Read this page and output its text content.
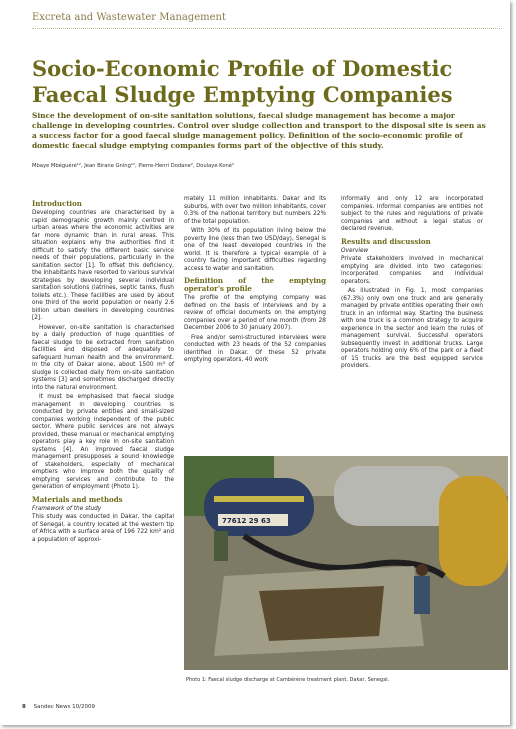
Excreta and Wastewater Management
Socio-Economic Profile of Domestic Faecal Sludge Emptying Companies

Since the development of on-site sanitation solutions, faecal sludge management has become a major challenge in developing countries. Control over sludge collection and transport to the disposal site is seen as a success factor for a good faecal sludge management policy. Definition of the socio-economic profile of domestic faecal sludge emptying companies forms part of the objective of this study.

Mbaye Mbéguéré¹², Jean Birane Gning¹², Pierre-Henri Dodane², Doulaye Koné²
Introduction

Developing countries are characterised by a rapid demographic growth mainly centred in urban areas where the economic activities are far more dynamic than in rural areas. This situation explains why the authorities find it difficult to satisfy the different basic service needs of their populations, particularly in the sanitation sector [1]. To offset this deficiency, the inhabitants have resorted to various survival strategies by developing several individual sanitation solutions (latrines, septic tanks, flush toilets etc.). These facilities are used by about one third of the world population or nearly 2.6 billion urban dwellers in developing countries [2].

However, on-site sanitation is characterised by a daily production of huge quantities of faecal sludge to be extracted from sanitation facilities and disposed of adequately to safeguard human health and the environment. In the city of Dakar alone, about 1500 m³ of sludge is collected daily from on-site sanitation systems [3] and sometimes discharged directly into the natural environment.

It must be emphasised that faecal sludge management in developing countries is conducted by private entities and small-sized companies working independent of the public sector. Where public services are not always provided, these manual or mechanical emptying operators play a key role in on-site sanitation systems [4]. An improved faecal sludge management presupposes a sound knowledge of stakeholders, especially of mechanical emptiers who improve both the quality of emptying services and contribute to the generation of employment (Photo 1).

Materials and methods

Framework of the study

This study was conducted in Dakar, the capital of Senegal, a country located at the western tip of Africa with a surface area of 196 722 km² and a population of approxi-

mately 11 million inhabitants. Dakar and its suburbs, with over two million inhabitants, cover 0.3% of the national territory but numbers 22% of the total population.

With 30% of its population living below the poverty line (less than two USD/day), Senegal is one of the least developed countries in the world. It is therefore a typical example of a country facing important difficulties regarding access to water and sanitation.

Definition of the emptying operator's profile

The profile of the emptying company was defined on the basis of interviews and by a review of official documents on the emptying companies over a period of one month (from 28 December 2006 to 30 January 2007).

Free and/or semi-structured interviews were conducted with 23 heads of the 52 companies identified in Dakar. Of these 52 private emptying operators, 40 work

informally and only 12 are incorporated companies. Informal companies are entities not subject to the rules and regulations of private companies and without a legal status or declared revenue.

Results and discussion

Overview

Private stakeholders involved in mechanical emptying are divided into two categories: incorporated companies and individual operators.

As illustrated in Fig. 1, most companies (67.3%) only own one truck and are generally managed by private entities operating their own truck in an informal way. Starting the business with one truck is a common strategy to acquire experience in the sector and learn the rules of management survival. Successful operators subsequently invest in additional trucks. Large operators holding only 6% of the park or a fleet of 15 trucks are the best equipped service providers.

77612 29 63
Photo 1: Faecal sludge discharge at Cambérène treatment plant, Dakar, Senegal.
8 Sandec News 10/2009
